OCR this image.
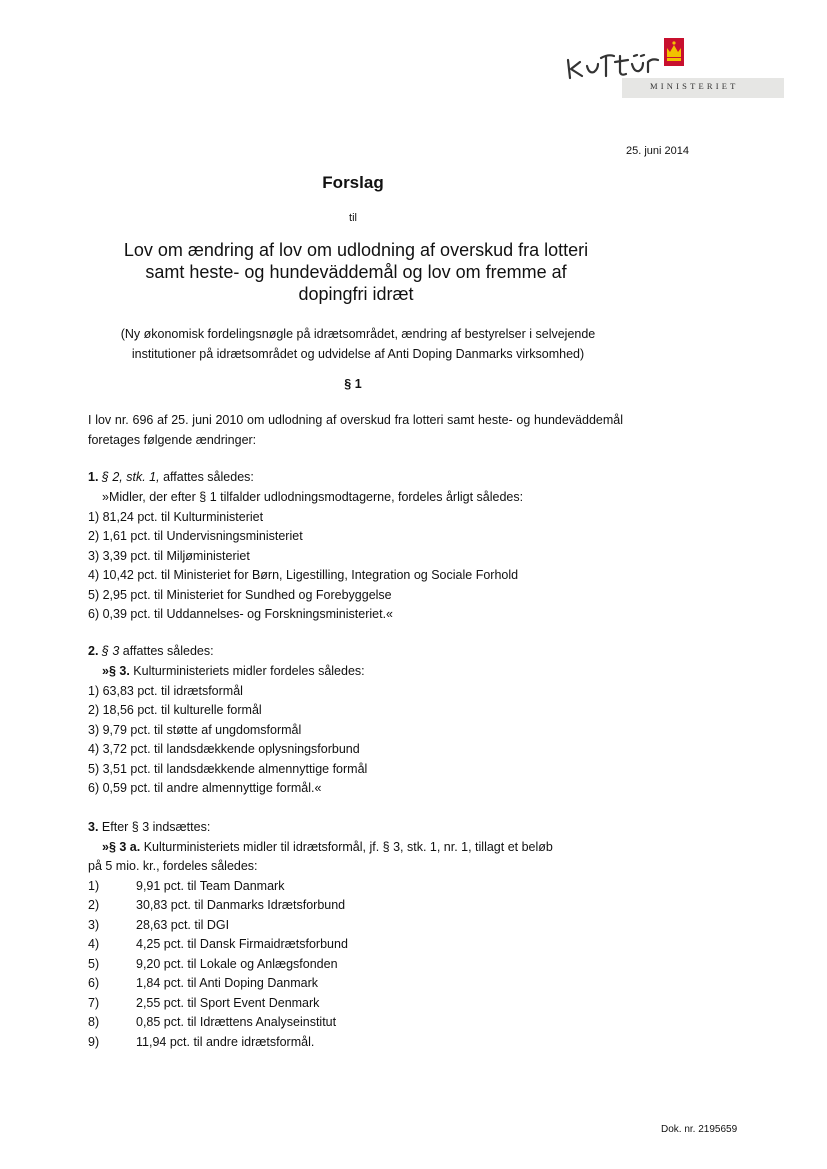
MINISTERIET
25. juni 2014
Forslag
til
Lov om ændring af lov om udlodning af overskud fra lotteri
samt heste- og hundeväddemål og lov om fremme af
dopingfri idræt
(Ny økonomisk fordelingsnøgle på idrætsområdet, ændring af bestyrelser i selvejende
institutioner på idrætsområdet og udvidelse af Anti Doping Danmarks virksomhed)
§ 1
I lov nr. 696 af 25. juni 2010 om udlodning af overskud fra lotteri samt heste- og hundeväddemål foretages følgende ændringer:
1. § 2, stk. 1, affattes således:
»Midler, der efter § 1 tilfalder udlodningsmodtagerne, fordeles årligt således:
1) 81,24 pct. til Kulturministeriet
2) 1,61 pct. til Undervisningsministeriet
3) 3,39 pct. til Miljøministeriet
4) 10,42 pct. til Ministeriet for Børn, Ligestilling, Integration og Sociale Forhold
5) 2,95 pct. til Ministeriet for Sundhed og Forebyggelse
6) 0,39 pct. til Uddannelses- og Forskningsministeriet.«
2. § 3 affattes således:
»§ 3. Kulturministeriets midler fordeles således:
1) 63,83 pct. til idrætsformål
2) 18,56 pct. til kulturelle formål
3) 9,79 pct. til støtte af ungdomsformål
4) 3,72 pct. til landsdækkende oplysningsforbund
5) 3,51 pct. til landsdækkende almennyttige formål
6) 0,59 pct. til andre almennyttige formål.«
3. Efter § 3 indsættes:
»§ 3 a. Kulturministeriets midler til idrætsformål, jf. § 3, stk. 1, nr. 1, tillagt et beløb
på 5 mio. kr., fordeles således:
1)	9,91 pct. til Team Danmark
2)	30,83 pct. til Danmarks Idrætsforbund
3)	28,63 pct. til DGI
4)	4,25 pct. til Dansk Firmaidrætsforbund
5)	9,20 pct. til Lokale og Anlægsfonden
6)	1,84 pct. til Anti Doping Danmark
7)	2,55 pct. til Sport Event Denmark
8)	0,85 pct. til Idrættens Analyseinstitut
9)	11,94 pct. til andre idrætsformål.
Dok. nr. 2195659
